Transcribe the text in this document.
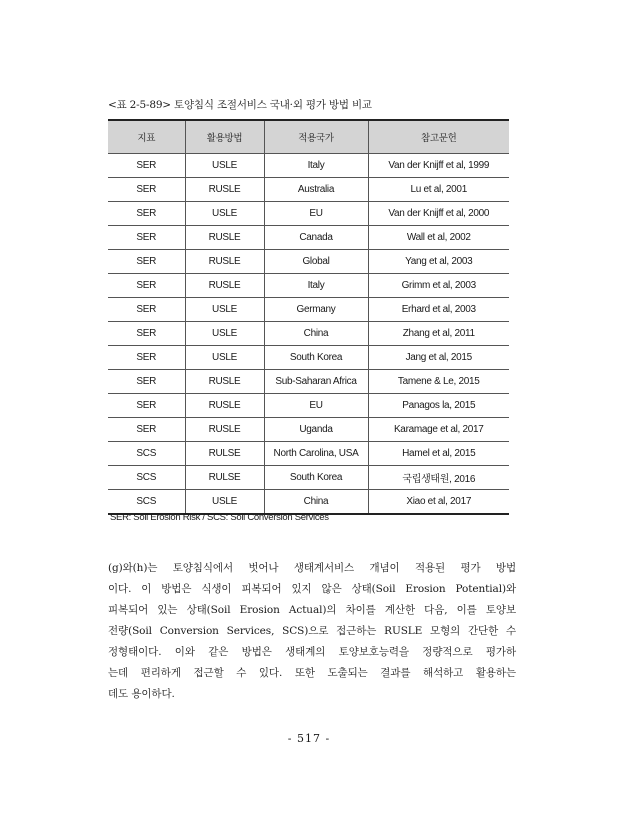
<표 2-5-89> 토양침식 조절서비스 국내·외 평가 방법 비교
지표	활용방법	적용국가	참고문헌
SER	USLE	Italy	Van der Knijff et al, 1999
SER	RUSLE	Australia	Lu et al, 2001
SER	USLE	EU	Van der Knijff et al, 2000
SER	RUSLE	Canada	Wall et al, 2002
SER	RUSLE	Global	Yang et al, 2003
SER	RUSLE	Italy	Grimm et al, 2003
SER	USLE	Germany	Erhard et al, 2003
SER	USLE	China	Zhang et al, 2011
SER	USLE	South Korea	Jang et al, 2015
SER	RUSLE	Sub-Saharan Africa	Tamene & Le, 2015
SER	RUSLE	EU	Panagos la, 2015
SER	RUSLE	Uganda	Karamage et al, 2017
SCS	RULSE	North Carolina, USA	Hamel et al, 2015
SCS	RULSE	South Korea	국립생태원, 2016
SCS	USLE	China	Xiao et al, 2017
SER: Soil Erosion Risk / SCS: Soil Conversion Services
(g)와(h)는 토양침식에서 벗어나 생태계서비스 개념이 적용된 평가 방법
이다. 이 방법은 식생이 피복되어 있지 않은 상태(Soil Erosion Potential)와
피복되어 있는 상태(Soil Erosion Actual)의 차이를 계산한 다음, 이를 토양보
전량(Soil Conversion Services, SCS)으로 접근하는 RUSLE 모형의 간단한 수
정형태이다. 이와 같은 방법은 생태계의 토양보호능력을 정량적으로 평가하
는데 편리하게 접근할 수 있다. 또한 도출되는 결과를 해석하고 활용하는
데도 용이하다.
- 517 -
